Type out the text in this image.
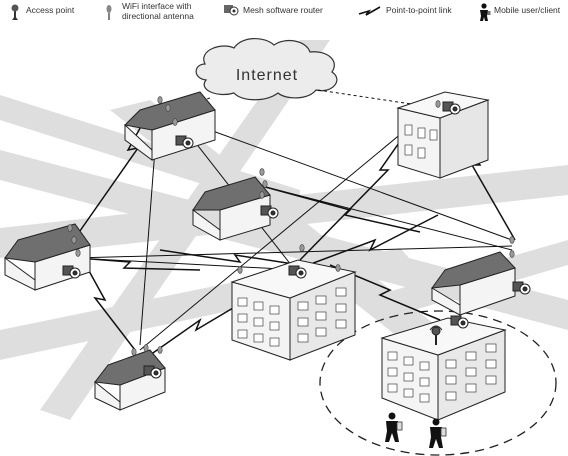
Access point	WiFi interface with
directional antenna
Mesh software router	Point-to-point link	Mobile user/client
Internet
